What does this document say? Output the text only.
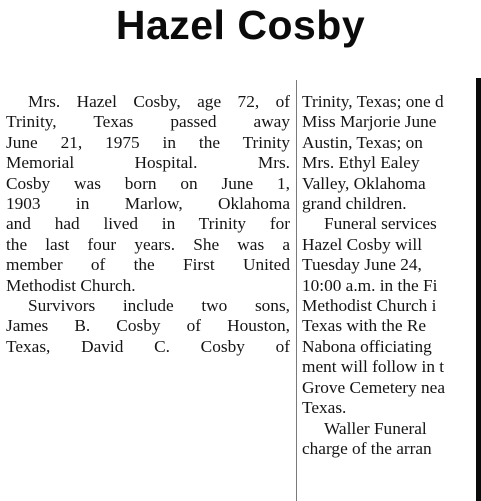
Hazel Cosby
Mrs. Hazel Cosby, age 72, of
Trinity, Texas passed away
June 21, 1975 in the Trinity
Memorial Hospital. Mrs.
Cosby was born on June 1,
1903 in Marlow, Oklahoma
and had lived in Trinity for
the last four years. She was a
member of the First United
Methodist Church.
Survivors include two sons,
James B. Cosby of Houston,
Texas, David C. Cosby of
Trinity, Texas; one d
Miss Marjorie June
Austin, Texas; on
Mrs. Ethyl Ealey
Valley, Oklahoma
grand children.
Funeral services
Hazel Cosby will
Tuesday June 24,
10:00 a.m. in the Fi
Methodist Church i
Texas with the Re
Nabona officiating
ment will follow in t
Grove Cemetery nea
Texas.
Waller Funeral
charge of the arran
